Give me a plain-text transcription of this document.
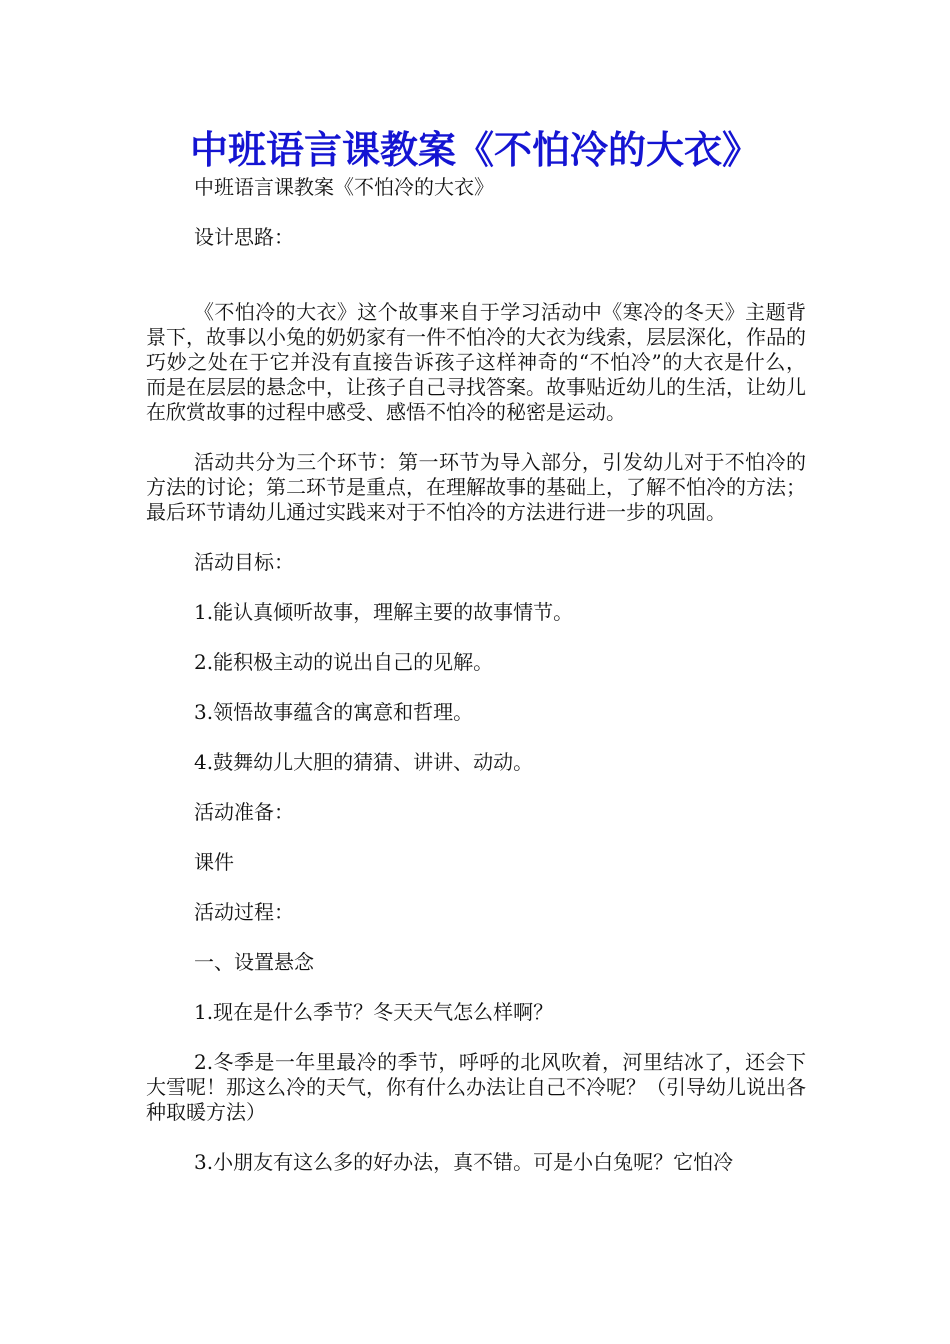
中班语言课教案《不怕冷的大衣》

中班语言课教案《不怕冷的大衣》

设计思路：

《不怕冷的大衣》这个故事来自于学习活动中《寒冷的冬天》主题背景下，故事以小兔的奶奶家有一件不怕冷的大衣为线索，层层深化，作品的巧妙之处在于它并没有直接告诉孩子这样神奇的“不怕冷”的大衣是什么，而是在层层的悬念中，让孩子自己寻找答案。故事贴近幼儿的生活，让幼儿在欣赏故事的过程中感受、感悟不怕冷的秘密是运动。

活动共分为三个环节：第一环节为导入部分，引发幼儿对于不怕冷的方法的讨论；第二环节是重点，在理解故事的基础上，了解不怕冷的方法；最后环节请幼儿通过实践来对于不怕冷的方法进行进一步的巩固。

活动目标：

1.能认真倾听故事，理解主要的故事情节。

2.能积极主动的说出自己的见解。

3.领悟故事蕴含的寓意和哲理。

4.鼓舞幼儿大胆的猜猜、讲讲、动动。

活动准备：

课件

活动过程：

一、设置悬念

1.现在是什么季节？冬天天气怎么样啊？

2.冬季是一年里最冷的季节，呼呼的北风吹着，河里结冰了，还会下大雪呢！那这么冷的天气，你有什么办法让自己不冷呢？（引导幼儿说出各种取暖方法）

3.小朋友有这么多的好办法，真不错。可是小白兔呢？它怕冷
